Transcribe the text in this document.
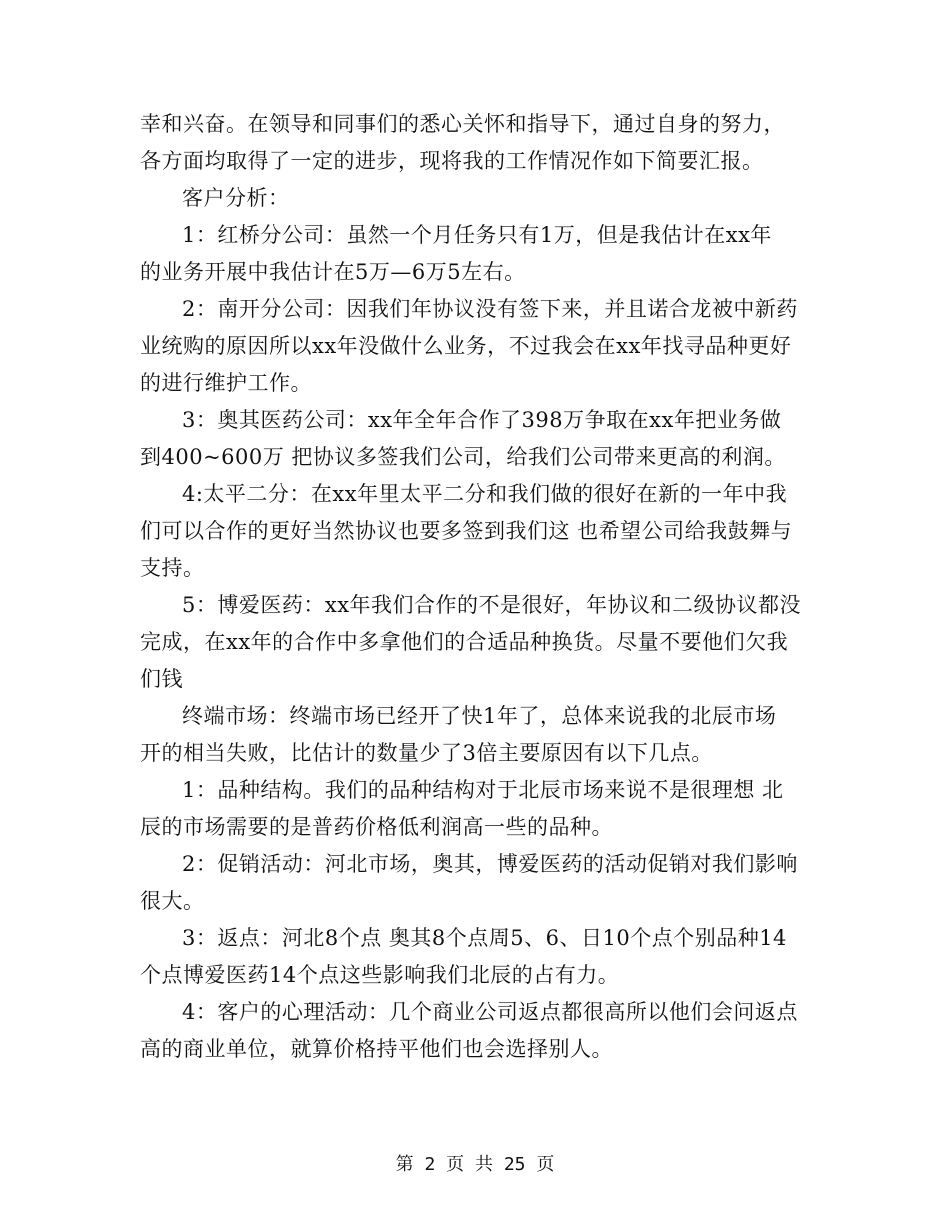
幸和兴奋。在领导和同事们的悉心关怀和指导下，通过自身的努力，
各方面均取得了一定的进步，现将我的工作情况作如下简要汇报。
客户分析：
1：红桥分公司：虽然一个月任务只有1万，但是我估计在xx年
的业务开展中我估计在5万—6万5左右。
2：南开分公司：因我们年协议没有签下来，并且诺合龙被中新药
业统购的原因所以xx年没做什么业务，不过我会在xx年找寻品种更好
的进行维护工作。
3：奥其医药公司：xx年全年合作了398万争取在xx年把业务做
到400~600万 把协议多签我们公司，给我们公司带来更高的利润。
4:太平二分：在xx年里太平二分和我们做的很好在新的一年中我
们可以合作的更好当然协议也要多签到我们这 也希望公司给我鼓舞与
支持。
5：博爱医药：xx年我们合作的不是很好，年协议和二级协议都没
完成，在xx年的合作中多拿他们的合适品种换货。尽量不要他们欠我
们钱
终端市场：终端市场已经开了快1年了，总体来说我的北辰市场
开的相当失败，比估计的数量少了3倍主要原因有以下几点。
1：品种结构。我们的品种结构对于北辰市场来说不是很理想 北
辰的市场需要的是普药价格低利润高一些的品种。
2：促销活动：河北市场，奥其，博爱医药的活动促销对我们影响
很大。
3：返点：河北8个点 奥其8个点周5、6、日10个点个别品种14
个点博爱医药14个点这些影响我们北辰的占有力。
4：客户的心理活动：几个商业公司返点都很高所以他们会问返点
高的商业单位，就算价格持平他们也会选择别人。
第 2 页 共 25 页
